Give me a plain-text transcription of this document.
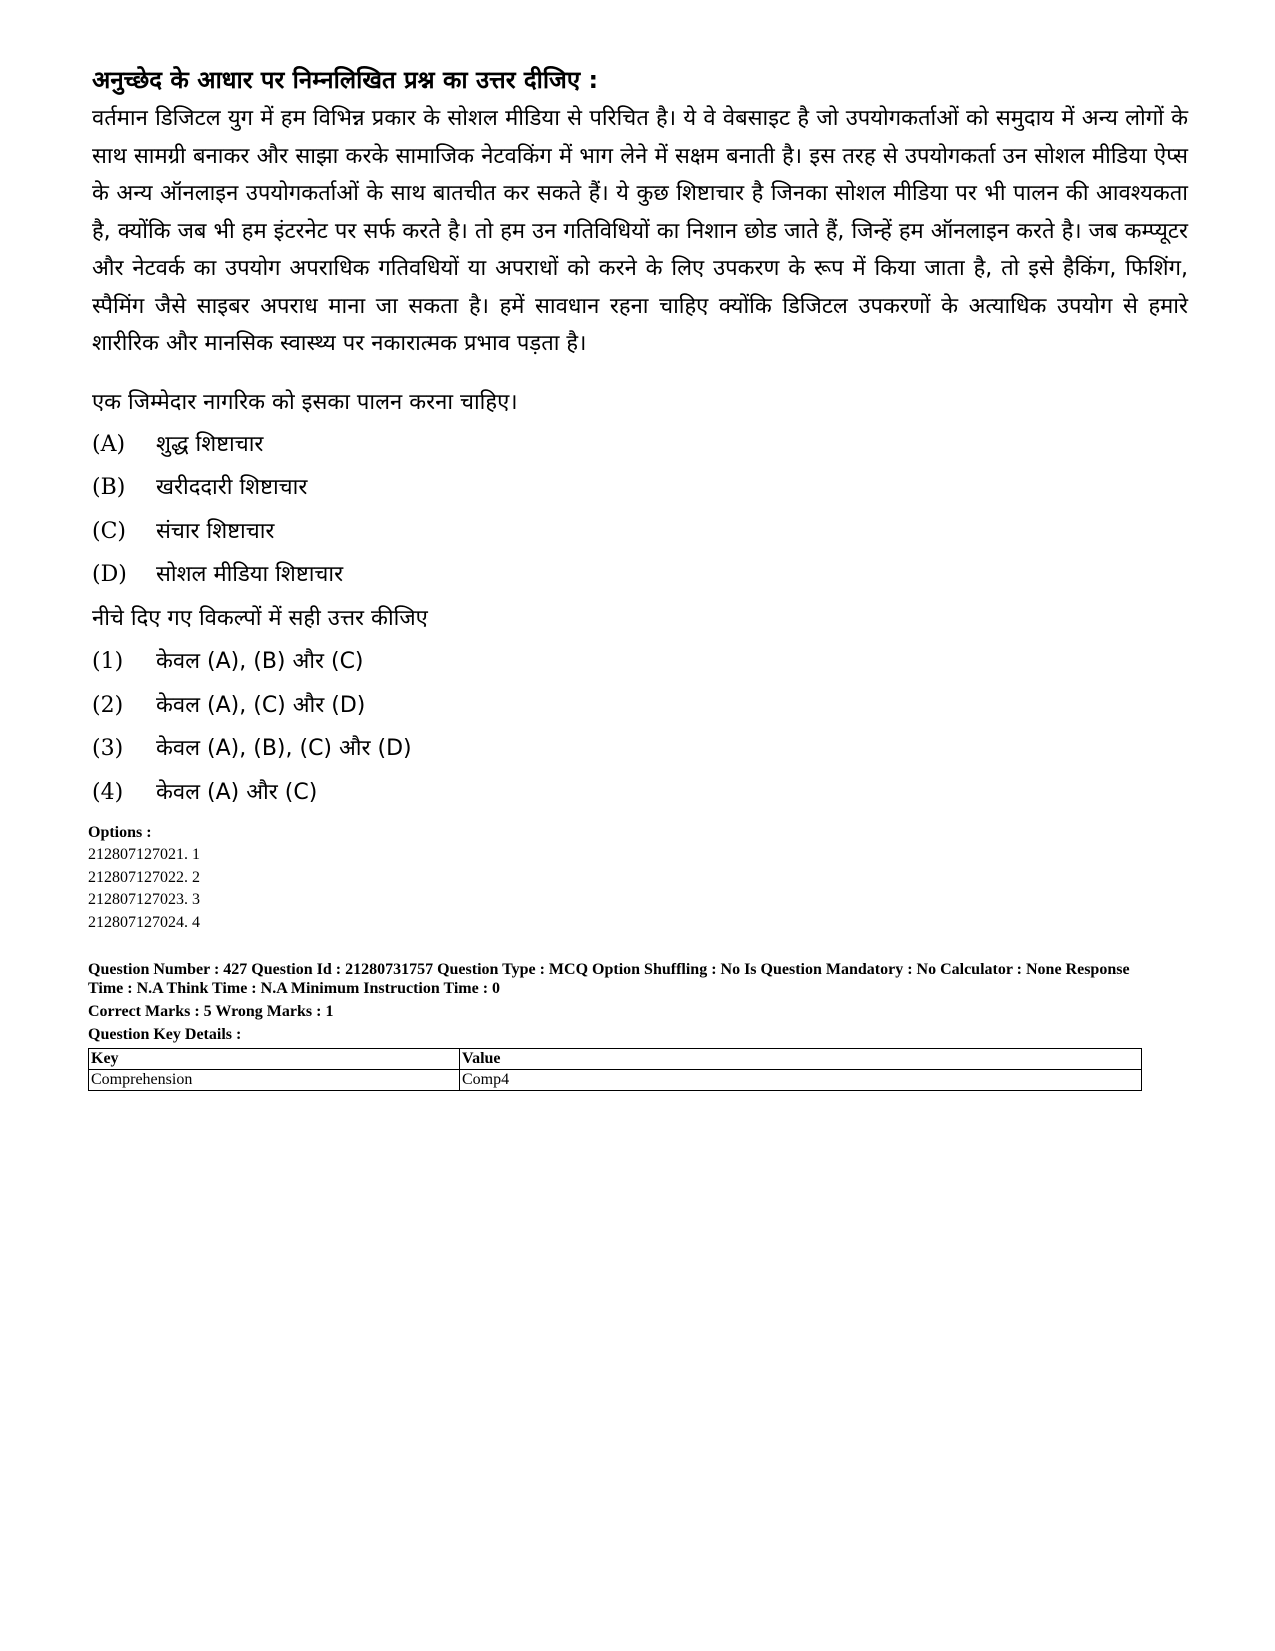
अनुच्छेद के आधार पर निम्नलिखित प्रश्न का उत्तर दीजिए :
वर्तमान डिजिटल युग में हम विभिन्न प्रकार के सोशल मीडिया से परिचित है। ये वे वेबसाइट है जो उपयोगकर्ताओं को समुदाय में अन्य लोगों के साथ सामग्री बनाकर और साझा करके सामाजिक नेटवकिंग में भाग लेने में सक्षम बनाती है। इस तरह से उपयोगकर्ता उन सोशल मीडिया ऐप्स के अन्य ऑनलाइन उपयोगकर्ताओं के साथ बातचीत कर सकते हैं। ये कुछ शिष्टाचार है जिनका सोशल मीडिया पर भी पालन की आवश्यकता है, क्योंकि जब भी हम इंटरनेट पर सर्फ करते है। तो हम उन गतिविधियों का निशान छोड जाते हैं, जिन्हें हम ऑनलाइन करते है। जब कम्प्यूटर और नेटवर्क का उपयोग अपराधिक गतिवधियों या अपराधों को करने के लिए उपकरण के रूप में किया जाता है, तो इसे हैकिंग, फिशिंग, स्पैमिंग जैसे साइबर अपराध माना जा सकता है। हमें सावधान रहना चाहिए क्योंकि डिजिटल उपकरणों के अत्याधिक उपयोग से हमारे शारीरिक और मानसिक स्वास्थ्य पर नकारात्मक प्रभाव पड़ता है।
एक जिम्मेदार नागरिक को इसका पालन करना चाहिए।
(A)	शुद्ध शिष्टाचार
(B)	खरीददारी शिष्टाचार
(C)	संचार शिष्टाचार
(D)	सोशल मीडिया शिष्टाचार
नीचे दिए गए विकल्पों में सही उत्तर कीजिए
(1)	केवल (A), (B) और (C)
(2)	केवल (A), (C) और (D)
(3)	केवल (A), (B), (C) और (D)
(4)	केवल (A) और (C)
Options :
212807127021. 1
212807127022. 2
212807127023. 3
212807127024. 4
Question Number : 427 Question Id : 21280731757 Question Type : MCQ Option Shuffling : No Is Question Mandatory : No Calculator : None Response Time : N.A Think Time : N.A Minimum Instruction Time : 0
Correct Marks : 5 Wrong Marks : 1
Question Key Details :
Key	Value
Comprehension	Comp4
